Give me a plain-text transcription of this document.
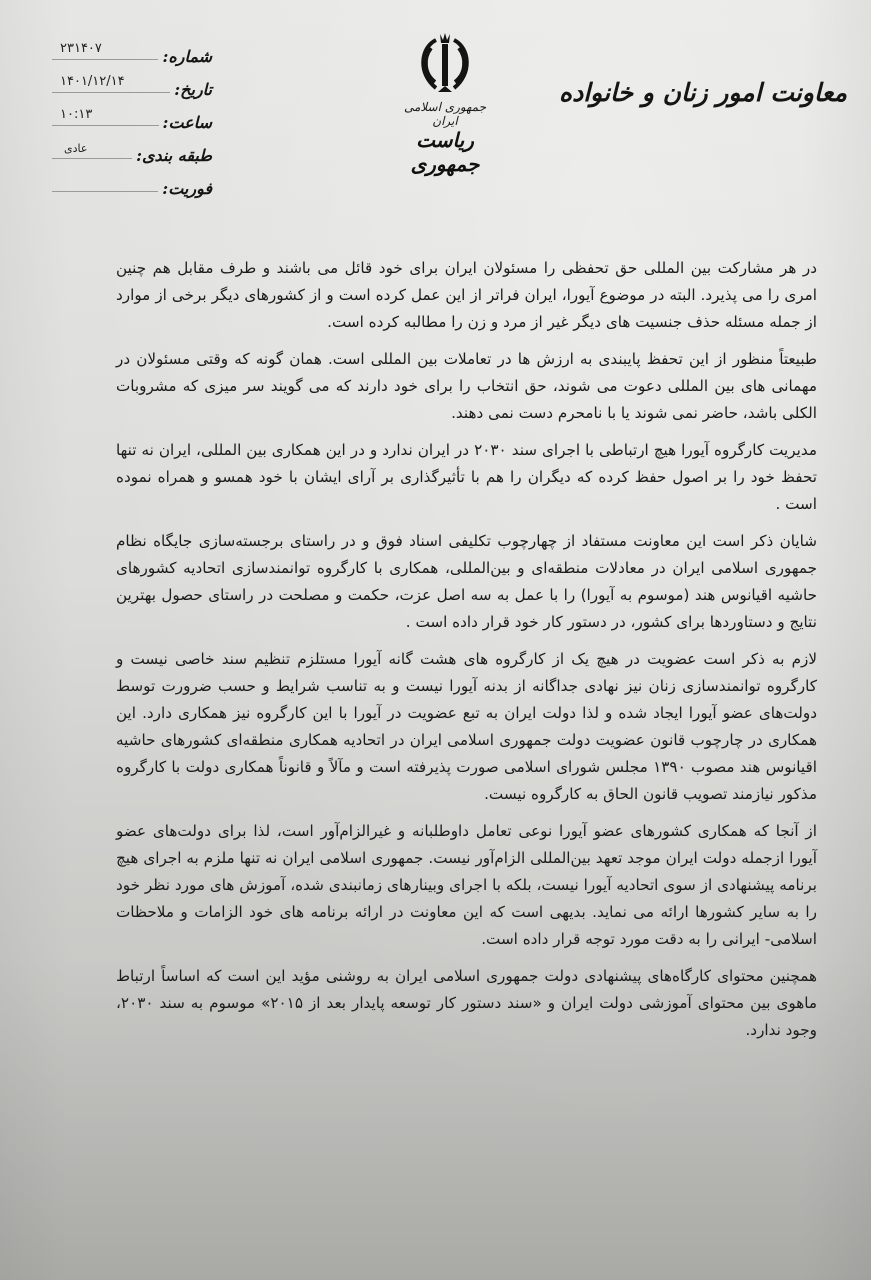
معاونت امور زنان و خانواده
جمهوری اسلامی ایران
ریاست جمهوری
شماره:
۲۳۱۴۰۷
تاریخ:
۱۴۰۱/۱۲/۱۴
ساعت:
۱۰:۱۳
طبقه بندی:
عادی
فوریت:

در هر مشارکت بین المللی حق تحفظی را مسئولان ایران برای خود قائل می باشند و طرف مقابل هم چنین امری را می پذیرد. البته در موضوع آیورا، ایران فراتر از این عمل کرده است و از کشورهای دیگر برخی از موارد از جمله مسئله حذف جنسیت های دیگر غیر از مرد و زن را مطالبه کرده است.

طبیعتاً منظور از این تحفظ پایبندی به ارزش ها در تعاملات بین المللی است. همان گونه که وقتی مسئولان در مهمانی های بین المللی دعوت می شوند، حق انتخاب را برای خود دارند که می گویند سر میزی که مشروبات الکلی باشد، حاضر نمی شوند یا با نامحرم دست نمی دهند.

مدیریت کارگروه آیورا هیچ ارتباطی با اجرای سند ۲۰۳۰ در ایران ندارد و در این همکاری بین المللی، ایران نه تنها تحفظ خود را بر اصول حفظ کرده که دیگران را هم با تأثیرگذاری بر آرای ایشان با خود همسو و همراه نموده است .

شایان ذکر است این معاونت مستفاد از چهارچوب تکلیفی اسناد فوق و در راستای برجسته‌سازی جایگاه نظام جمهوری اسلامی ایران در معادلات منطقه‌ای و بین‌المللی، همکاری با کارگروه توانمندسازی اتحادیه کشورهای حاشیه اقیانوس هند (موسوم به آیورا) را با عمل به سه اصل عزت، حکمت و مصلحت در راستای حصول بهترین نتایج و دستاوردها برای کشور، در دستور کار خود قرار داده است .

لازم به ذکر است عضویت در هیچ یک از کارگروه های هشت گانه آیورا مستلزم تنظیم سند خاصی نیست و کارگروه توانمندسازی زنان نیز نهادی جداگانه از بدنه آیورا نیست و به تناسب شرایط و حسب ضرورت توسط دولت‌های عضو آیورا ایجاد شده و لذا دولت ایران به تبع عضویت در آیورا با این کارگروه نیز همکاری دارد. این همکاری در چارچوب قانون عضویت دولت جمهوری اسلامی ایران در اتحادیه همکاری منطقه‌ای کشورهای حاشیه اقیانوس هند مصوب ۱۳۹۰ مجلس شورای اسلامی صورت پذیرفته است و مآلاً و قانوناً همکاری دولت با کارگروه مذکور نیازمند تصویب قانون الحاق به کارگروه نیست.

از آنجا که همکاری کشورهای عضو آیورا نوعی تعامل داوطلبانه و غیرالزام‌آور است، لذا برای دولت‌های عضو آیورا ازجمله دولت ایران موجد تعهد بین‌المللی الزام‌آور نیست. جمهوری اسلامی ایران نه تنها ملزم به اجرای هیچ برنامه پیشنهادی از سوی اتحادیه آیورا نیست، بلکه با اجرای وبینارهای زمانبندی شده، آموزش های مورد نظر خود را به سایر کشورها ارائه می نماید. بدیهی است که این معاونت در ارائه برنامه های خود الزامات و ملاحظات اسلامی- ایرانی را به دقت مورد توجه قرار داده است.

همچنین محتوای کارگاه‌های پیشنهادی دولت جمهوری اسلامی ایران به روشنی مؤید این است که اساساً ارتباط ماهوی بین محتوای آموزشی دولت ایران و «سند دستور کار توسعه پایدار بعد از ۲۰۱۵» موسوم به سند ۲۰۳۰، وجود ندارد.
